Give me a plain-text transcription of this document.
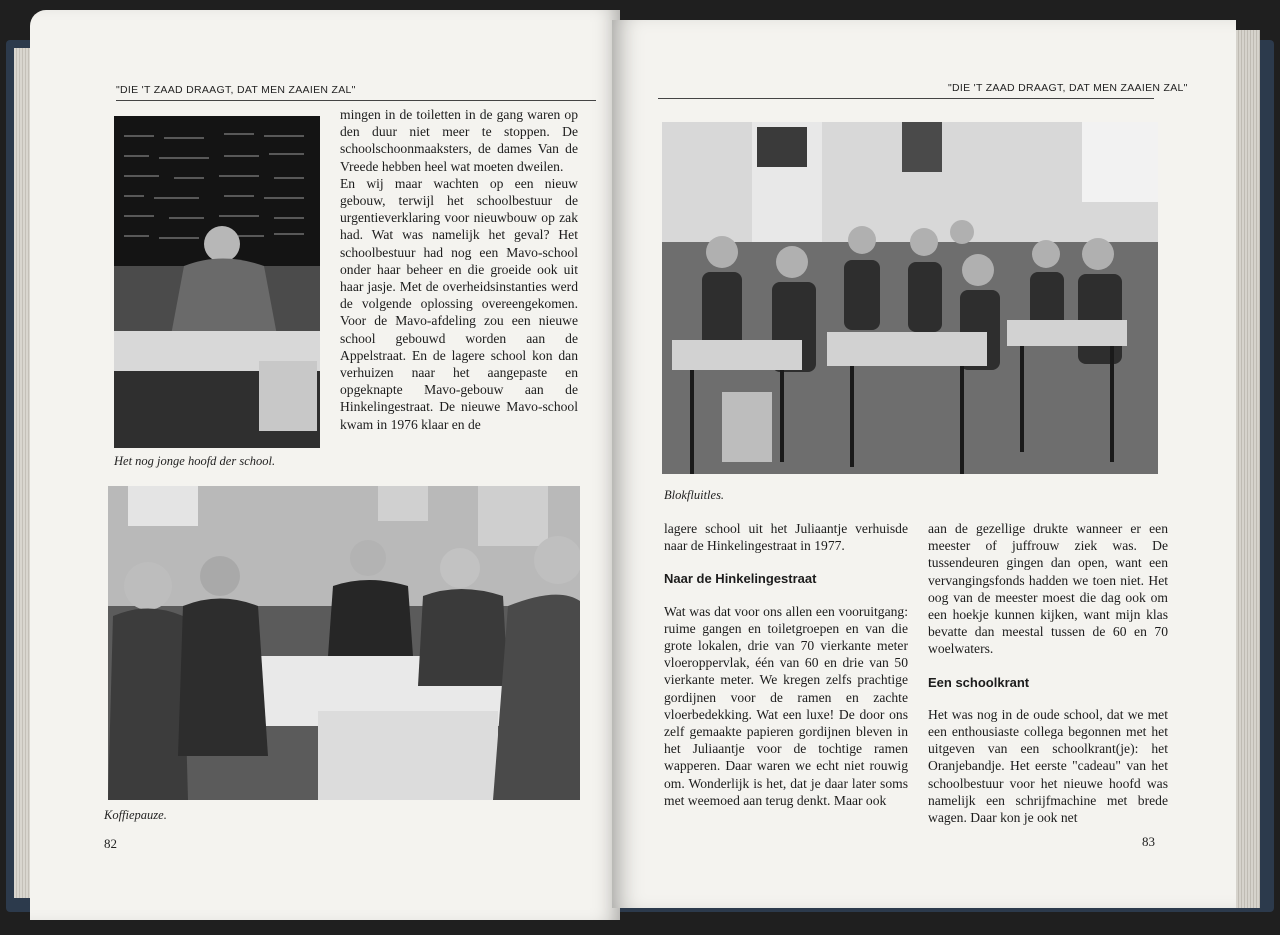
"DIE 'T ZAAD DRAAGT, DAT MEN ZAAIEN ZAL"
Het nog jonge hoofd der school.

mingen in de toiletten in de gang waren op den duur niet meer te stoppen. De schoolschoonmaaksters, de dames Van de Vreede hebben heel wat moeten dweilen.

En wij maar wachten op een nieuw gebouw, terwijl het schoolbestuur de urgentieverklaring voor nieuwbouw op zak had. Wat was namelijk het geval? Het schoolbestuur had nog een Mavo-school onder haar beheer en die groeide ook uit haar jasje. Met de overheidsinstanties werd de volgende oplossing overeengekomen. Voor de Mavo-afdeling zou een nieuwe school gebouwd worden aan de Appelstraat. En de lagere school kon dan verhuizen naar het aangepaste en opgeknapte Mavo-gebouw aan de Hinkelingestraat. De nieuwe Mavo-school kwam in 1976 klaar en de

Koffiepauze.
82
"DIE 'T ZAAD DRAAGT, DAT MEN ZAAIEN ZAL"
Blokfluitles.

lagere school uit het Juliaantje verhuisde naar de Hinkelingestraat in 1977.

Naar de Hinkelingestraat

Wat was dat voor ons allen een vooruitgang: ruime gangen en toiletgroepen en van die grote lokalen, drie van 70 vierkante meter vloeroppervlak, één van 60 en drie van 50 vierkante meter. We kregen zelfs prachtige gordijnen voor de ramen en zachte vloerbedekking. Wat een luxe! De door ons zelf gemaakte papieren gordijnen bleven in het Juliaantje voor de tochtige ramen wapperen. Daar waren we echt niet rouwig om. Wonderlijk is het, dat je daar later soms met weemoed aan terug denkt. Maar ook

aan de gezellige drukte wanneer er een meester of juffrouw ziek was. De tussendeuren gingen dan open, want een vervangingsfonds hadden we toen niet. Het oog van de meester moest die dag ook om een hoekje kunnen kijken, want mijn klas bevatte dan meestal tussen de 60 en 70 woelwaters.

Een schoolkrant

Het was nog in de oude school, dat we met een enthousiaste collega begonnen met het uitgeven van een schoolkrant(je): het Oranjebandje. Het eerste "cadeau" van het schoolbestuur voor het nieuwe hoofd was namelijk een schrijfmachine met brede wagen. Daar kon je ook net

83
